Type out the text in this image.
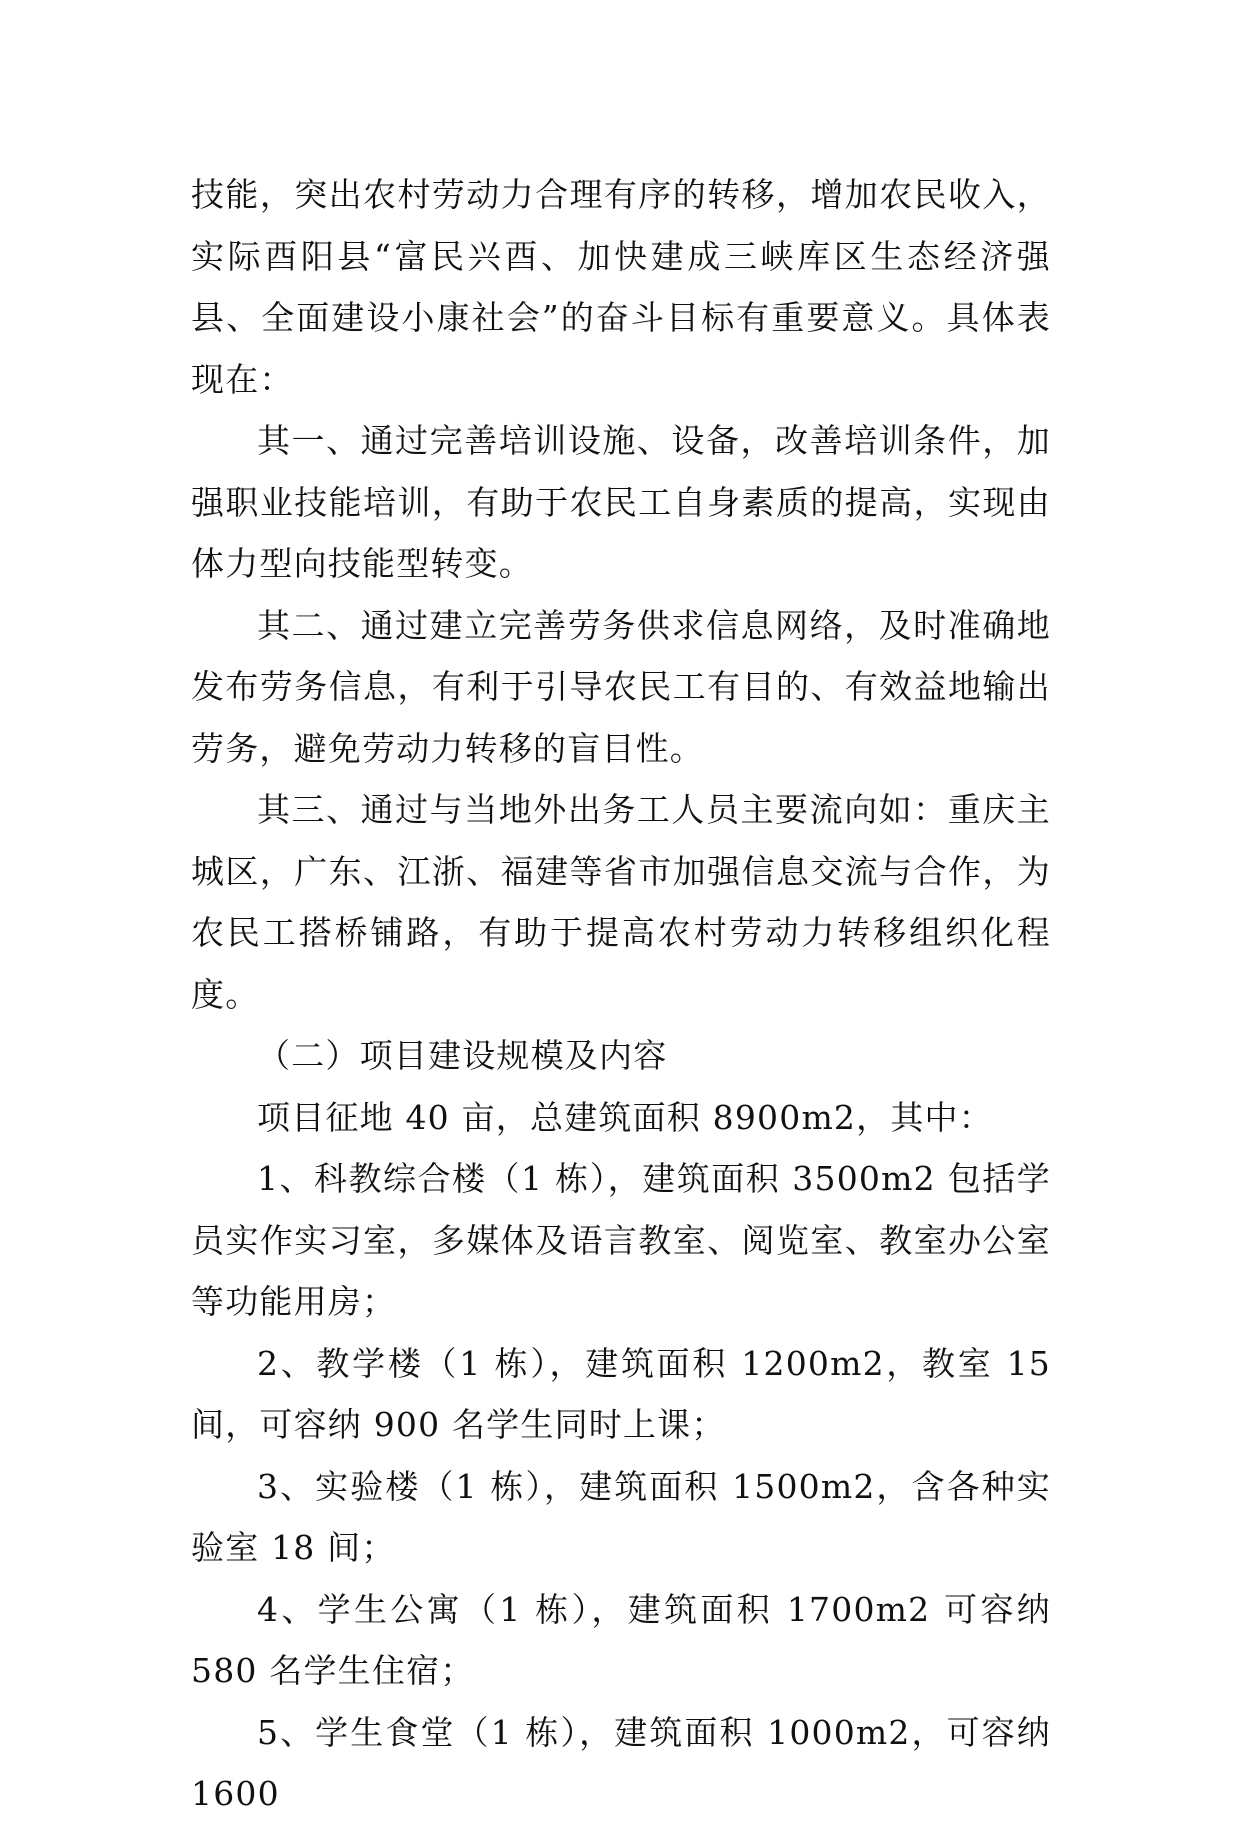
技能，突出农村劳动力合理有序的转移，增加农民收入，实际酉阳县“富民兴酉、加快建成三峡库区生态经济强县、全面建设小康社会”的奋斗目标有重要意义。具体表现在：

其一、通过完善培训设施、设备，改善培训条件，加强职业技能培训，有助于农民工自身素质的提高，实现由体力型向技能型转变。

其二、通过建立完善劳务供求信息网络，及时准确地发布劳务信息，有利于引导农民工有目的、有效益地输出劳务，避免劳动力转移的盲目性。

其三、通过与当地外出务工人员主要流向如：重庆主城区，广东、江浙、福建等省市加强信息交流与合作，为农民工搭桥铺路，有助于提高农村劳动力转移组织化程度。

（二）项目建设规模及内容

项目征地 40 亩，总建筑面积 8900m2，其中：

1、科教综合楼（1 栋），建筑面积 3500m2 包括学员实作实习室，多媒体及语言教室、阅览室、教室办公室等功能用房；

2、教学楼（1 栋），建筑面积 1200m2，教室 15 间，可容纳 900 名学生同时上课；

3、实验楼（1 栋），建筑面积 1500m2，含各种实验室 18 间；

4、学生公寓（1 栋），建筑面积 1700m2 可容纳 580 名学生住宿；

5、学生食堂（1 栋），建筑面积 1000m2，可容纳 1600
